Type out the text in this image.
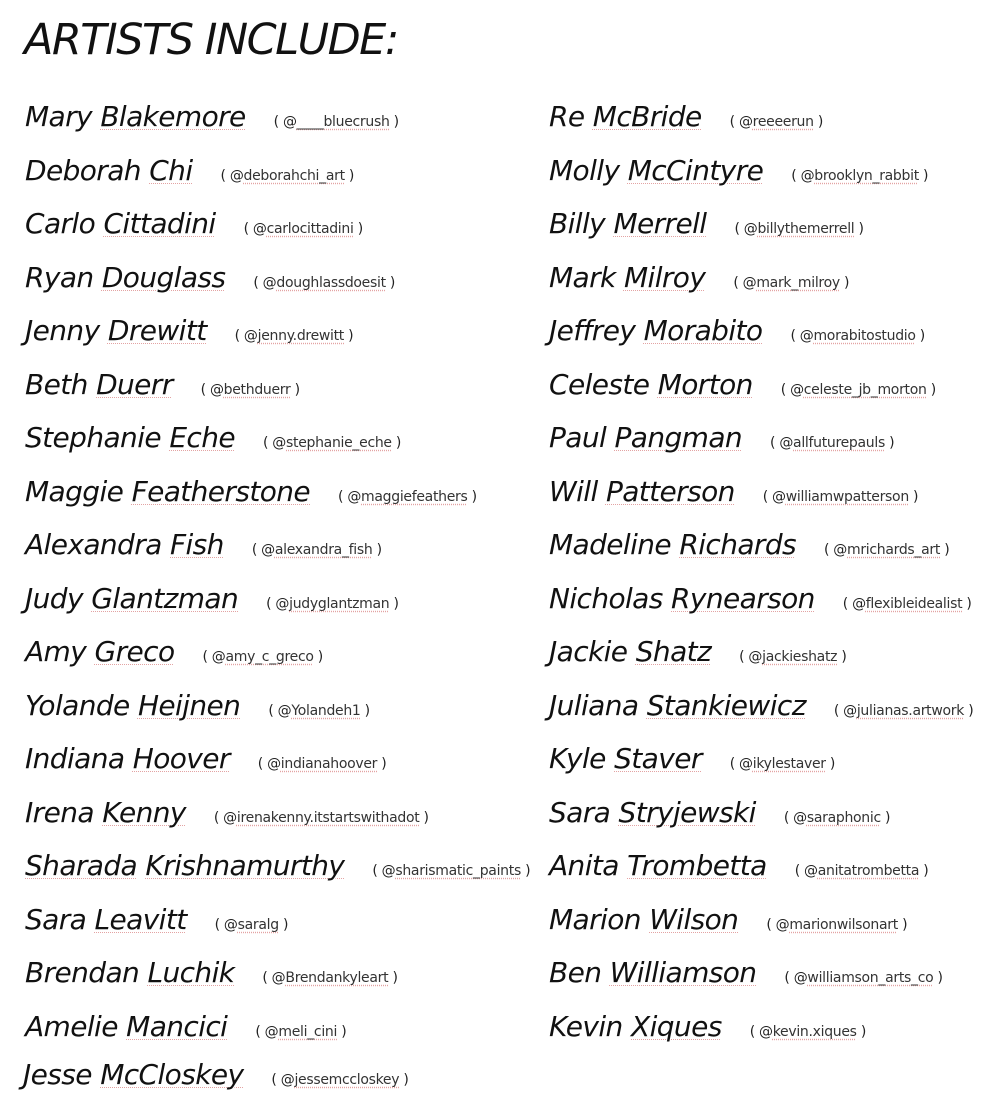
ARTISTS INCLUDE:
Mary Blakemore ( @____bluecrush )
Deborah Chi ( @deborahchi_art )
Carlo Cittadini ( @carlocittadini )
Ryan Douglass ( @doughlassdoesit )
Jenny Drewitt ( @jenny.drewitt )
Beth Duerr ( @bethduerr )
Stephanie Eche ( @stephanie_eche )
Maggie Featherstone ( @maggiefeathers )
Alexandra Fish ( @alexandra_fish )
Judy Glantzman ( @judyglantzman )
Amy Greco ( @amy_c_greco )
Yolande Heijnen ( @Yolandeh1 )
Indiana Hoover ( @indianahoover )
Irena Kenny ( @irenakenny.itstartswithadot )
Sharada Krishnamurthy ( @sharismatic_paints )
Sara Leavitt ( @saralg )
Brendan Luchik ( @Brendankyleart )
Amelie Mancici ( @meli_cini )
Re McBride ( @reeeerun )
Molly McCintyre ( @brooklyn_rabbit )
Billy Merrell ( @billythemerrell )
Mark Milroy ( @mark_milroy )
Jeffrey Morabito ( @morabitostudio )
Celeste Morton ( @celeste_jb_morton )
Paul Pangman ( @allfuturepauls )
Will Patterson ( @williamwpatterson )
Madeline Richards ( @mrichards_art )
Nicholas Rynearson ( @flexibleidealist )
Jackie Shatz ( @jackieshatz )
Juliana Stankiewicz ( @julianas.artwork )
Kyle Staver ( @ikylestaver )
Sara Stryjewski ( @saraphonic )
Anita Trombetta ( @anitatrombetta )
Marion Wilson ( @marionwilsonart )
Ben Williamson ( @williamson_arts_co )
Kevin Xiques ( @kevin.xiques )
Jesse McCloskey ( @jessemccloskey )
